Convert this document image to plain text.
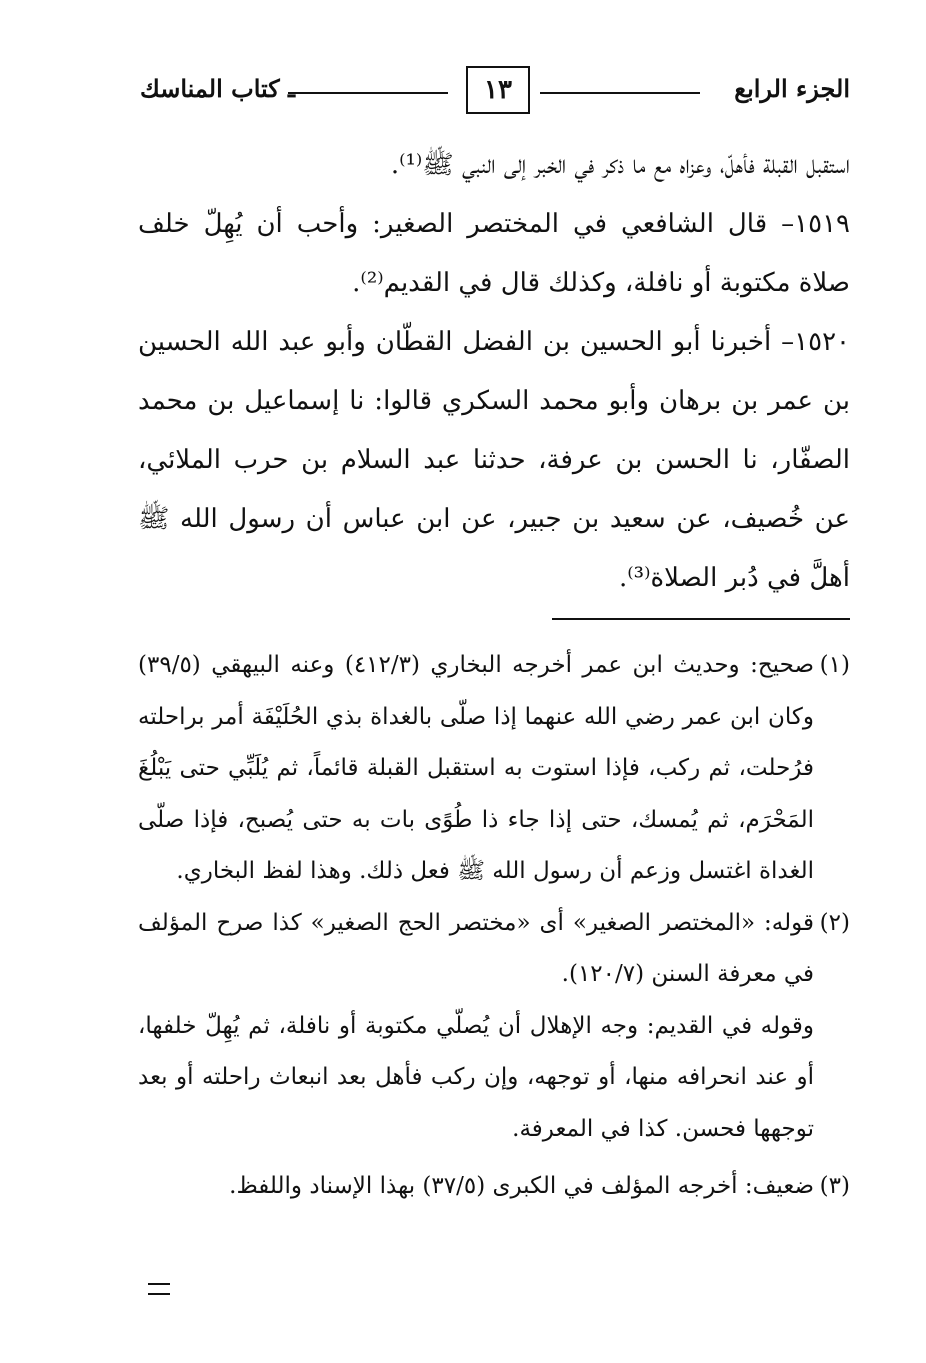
الجزء الرابع
١٣
ـ كتاب المناسك

استقبل القبلة فأهلّ، وعزاه مع ما ذكر في الخبر إلى النبي ﷺ⁽¹⁾.

١٥١٩– قال الشافعي في المختصر الصغير: وأحب أن يُهِلّ خلف صلاة مكتوبة أو نافلة، وكذلك قال في القديم⁽²⁾.

١٥٢٠– أخبرنا أبو الحسين بن الفضل القطّان وأبو عبد الله الحسين بن عمر بن برهان وأبو محمد السكري قالوا: نا إسماعيل بن محمد الصفّار، نا الحسن بن عرفة، حدثنا عبد السلام بن حرب الملائي، عن خُصيف، عن سعيد بن جبير، عن ابن عباس أن رسول الله ﷺ أهلَّ في دُبر الصلاة⁽³⁾.

(١)
صحيح: وحديث ابن عمر أخرجه البخاري (٤١٢/٣) وعنه البيهقي (٣٩/٥) وكان ابن عمر رضي الله عنهما إذا صلّى بالغداة بذي الحُلَيْفَة أمر براحلته فرُحلت، ثم ركب، فإذا استوت به استقبل القبلة قائماً، ثم يُلَبِّي حتى يَبْلُغَ المَحْرَم، ثم يُمسك، حتى إذا جاء ذا طُوًى بات به حتى يُصبح، فإذا صلّى الغداة اغتسل وزعم أن رسول الله ﷺ فعل ذلك. وهذا لفظ البخاري.

(٢)
قوله: «المختصر الصغير» أى «مختصر الحج الصغير» كذا صرح المؤلف في معرفة السنن (١٢٠/٧).

وقوله في القديم: وجه الإهلال أن يُصلّي مكتوبة أو نافلة، ثم يُهِلّ خلفها، أو عند انحرافه منها، أو توجهه، وإن ركب فأهل بعد انبعاث راحلته أو بعد توجهها فحسن. كذا في المعرفة.

(٣)
ضعيف: أخرجه المؤلف في الكبرى (٣٧/٥) بهذا الإسناد واللفظ.
